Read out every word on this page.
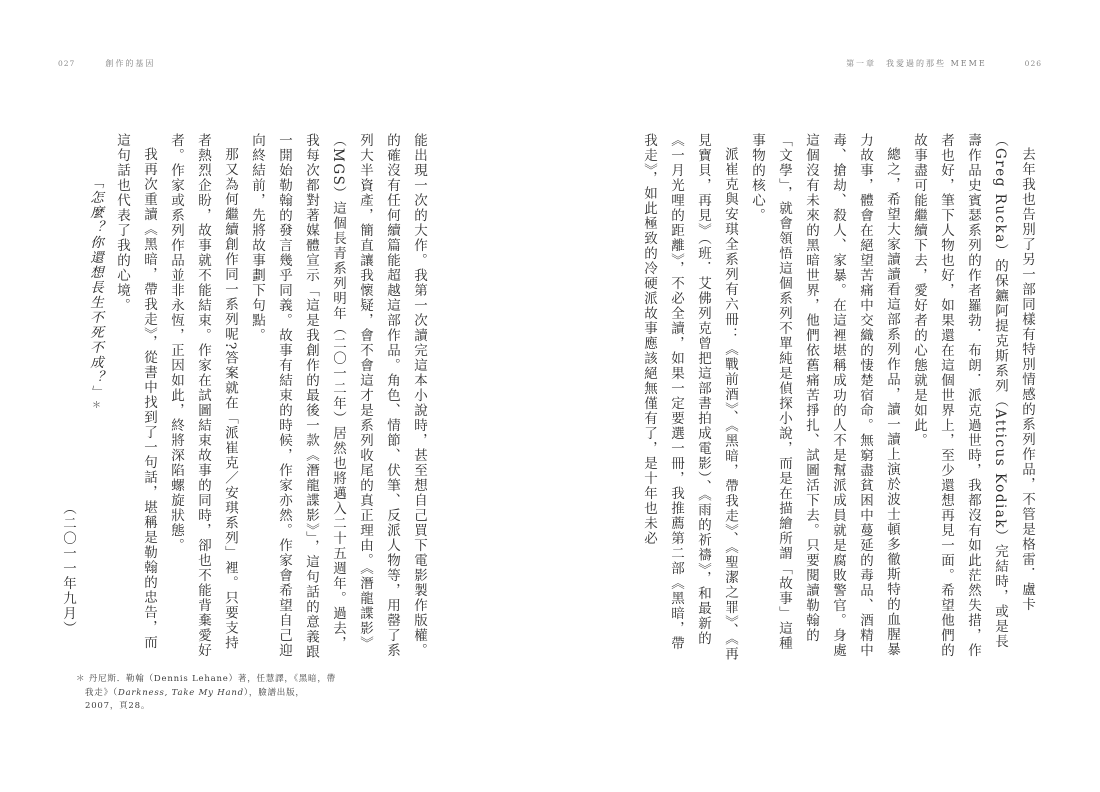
027	創作的基因	第一章　我愛過的那些 MEME	026

去年我也告別了另一部同樣有特別情感的系列作品，不管是格雷．盧卡（Greg Rucka）的保鑣阿提克斯系列（Atticus Kodiak）完結時，或是長壽作品史賓瑟系列的作者羅勃．布朗．派克過世時，我都沒有如此茫然失措，作者也好，筆下人物也好，如果還在這個世界上，至少還想再見一面。希望他們的故事盡可能繼續下去，愛好者的心態就是如此。

總之，希望大家讀讀看這部系列作品，讀一讀上演於波士頓多徹斯特的血腥暴力故事，體會在絕望苦痛中交織的悽楚宿命。無窮盡貧困中蔓延的毒品、酒精中毒、搶劫、殺人、家暴。在這裡堪稱成功的人不是幫派成員就是腐敗警官。身處這個沒有未來的黑暗世界，他們依舊痛苦掙扎、試圖活下去。只要閱讀勒翰的「文學」，就會領悟這個系列不單純是偵探小說，而是在描繪所謂「故事」這種事物的核心。

派崔克與安琪全系列有六冊：《戰前酒》、《黑暗，帶我走》、《聖潔之罪》、《再見寶貝，再見》（班．艾佛列克曾把這部書拍成電影）、《雨的祈禱》，和最新的《一月光哩的距離》，不必全讀，如果一定要選一冊，我推薦第二部《黑暗，帶我走》，如此極致的冷硬派故事應該絕無僅有了，是十年也未必

能出現一次的大作。我第一次讀完這本小說時，甚至想自己買下電影製作版權。的確沒有任何續篇能超越這部作品。角色、情節、伏筆、反派人物等，用罄了系列大半資產，簡直讓我懷疑，會不會這才是系列收尾的真正理由。《潛龍諜影》（MGS）這個長青系列明年（二〇一二年）居然也將邁入二十五週年。過去，我每次都對著媒體宣示「這是我創作的最後一款《潛龍諜影》」，這句話的意義跟一開始勒翰的發言幾乎同義。故事有結束的時候，作家亦然。作家會希望自己迎向終結前，先將故事劃下句點。

那又為何繼續創作同一系列呢?答案就在「派崔克／安琪系列」裡。只要支持者熱烈企盼，故事就不能結束。作家在試圖結束故事的同時，卻也不能背棄愛好者。作家或系列作品並非永恆，正因如此，終將深陷螺旋狀態。

我再次重讀《黑暗，帶我走》，從書中找到了一句話，堪稱是勒翰的忠告，而這句話也代表了我的心境。

「怎麼？你還想長生不死不成？」＊

（二〇一一年九月）

＊ 丹尼斯．勒翰（Dennis Lehane）著，任慧譯，《黑暗，帶我走》（Darkness, Take My Hand），臉譜出版，2007，頁28。
